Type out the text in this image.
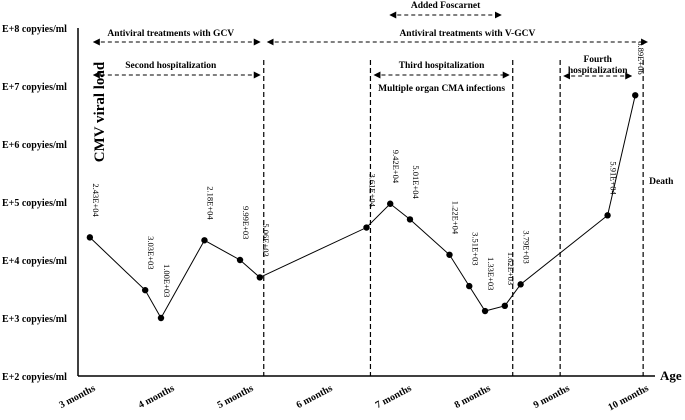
E+2 copyies/ml
E+3 copyies/ml
E+4 copyies/ml
E+5 copyies/ml
E+6 copyies/ml
E+7 copyies/ml
E+8 copyies/ml
3 months	4 months	5 months	6 months	7 months	8 months	9 months	10 months
2.43E+04
3.03E+03
1.00E+03
2.18E+04
9.99E+03
5.06E+03
3.61E+04
9.42E+04 5.01E+04
1.22E+04
3.51E+03
1.33E+03 1.62E+03
3.79E+03
5.91E+04
6.89E+06
Added Foscarnet
Antiviral treatments with GCV	Antiviral treatments with V-GCV
Second hospitalization	Third hospitalization
Multiple organ CMA infections
Fourth
hospitalization
Death
CMV viral load
Age
